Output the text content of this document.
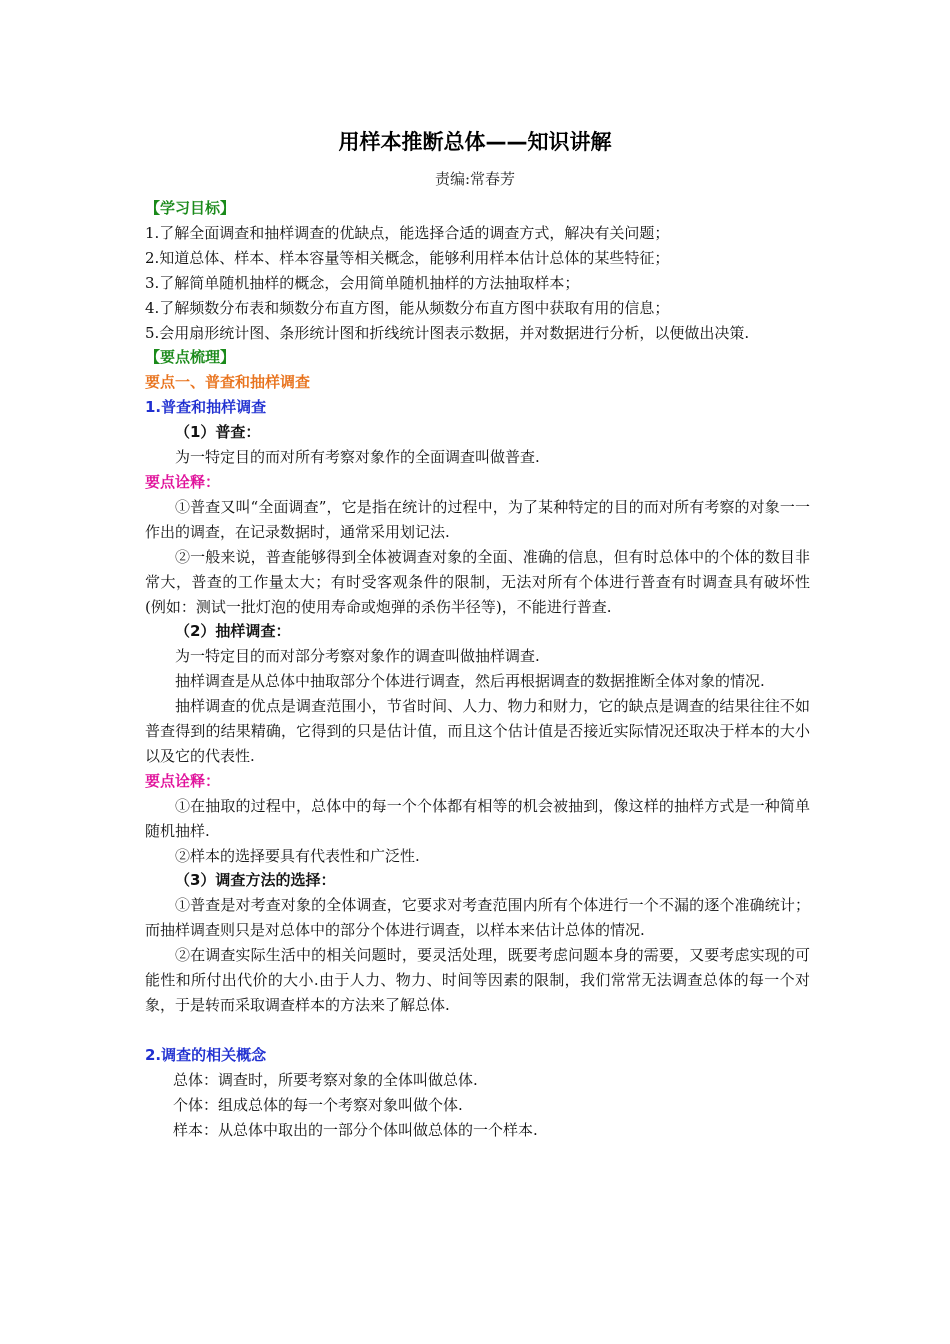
用样本推断总体——知识讲解
责编:常春芳

【学习目标】

1.了解全面调查和抽样调查的优缺点，能选择合适的调查方式，解决有关问题；

2.知道总体、样本、样本容量等相关概念，能够利用样本估计总体的某些特征；

3.了解简单随机抽样的概念，会用简单随机抽样的方法抽取样本；

4.了解频数分布表和频数分布直方图，能从频数分布直方图中获取有用的信息；

5.会用扇形统计图、条形统计图和折线统计图表示数据，并对数据进行分析，以便做出决策.

【要点梳理】

要点一、普查和抽样调查

1.普查和抽样调查

（1）普查：

为一特定目的而对所有考察对象作的全面调查叫做普查.

要点诠释：

①普查又叫“全面调查”，它是指在统计的过程中，为了某种特定的目的而对所有考察的对象一一作出的调查，在记录数据时，通常采用划记法.

②一般来说，普查能够得到全体被调查对象的全面、准确的信息，但有时总体中的个体的数目非常大，普查的工作量太大；有时受客观条件的限制，无法对所有个体进行普查有时调查具有破坏性(例如：测试一批灯泡的使用寿命或炮弹的杀伤半径等)，不能进行普查.

（2）抽样调查：

为一特定目的而对部分考察对象作的调查叫做抽样调查.

抽样调查是从总体中抽取部分个体进行调查，然后再根据调查的数据推断全体对象的情况.

抽样调查的优点是调查范围小，节省时间、人力、物力和财力，它的缺点是调查的结果往往不如普查得到的结果精确，它得到的只是估计值，而且这个估计值是否接近实际情况还取决于样本的大小以及它的代表性.

要点诠释：

①在抽取的过程中，总体中的每一个个体都有相等的机会被抽到，像这样的抽样方式是一种简单随机抽样.

②样本的选择要具有代表性和广泛性.

（3）调查方法的选择：

①普查是对考查对象的全体调查，它要求对考查范围内所有个体进行一个不漏的逐个准确统计；而抽样调查则只是对总体中的部分个体进行调查，以样本来估计总体的情况.

②在调查实际生活中的相关问题时，要灵活处理，既要考虑问题本身的需要，又要考虑实现的可能性和所付出代价的大小.由于人力、物力、时间等因素的限制，我们常常无法调查总体的每一个对象，于是转而采取调查样本的方法来了解总体.

2.调查的相关概念

总体：调查时，所要考察对象的全体叫做总体.

个体：组成总体的每一个考察对象叫做个体.

样本：从总体中取出的一部分个体叫做总体的一个样本.
